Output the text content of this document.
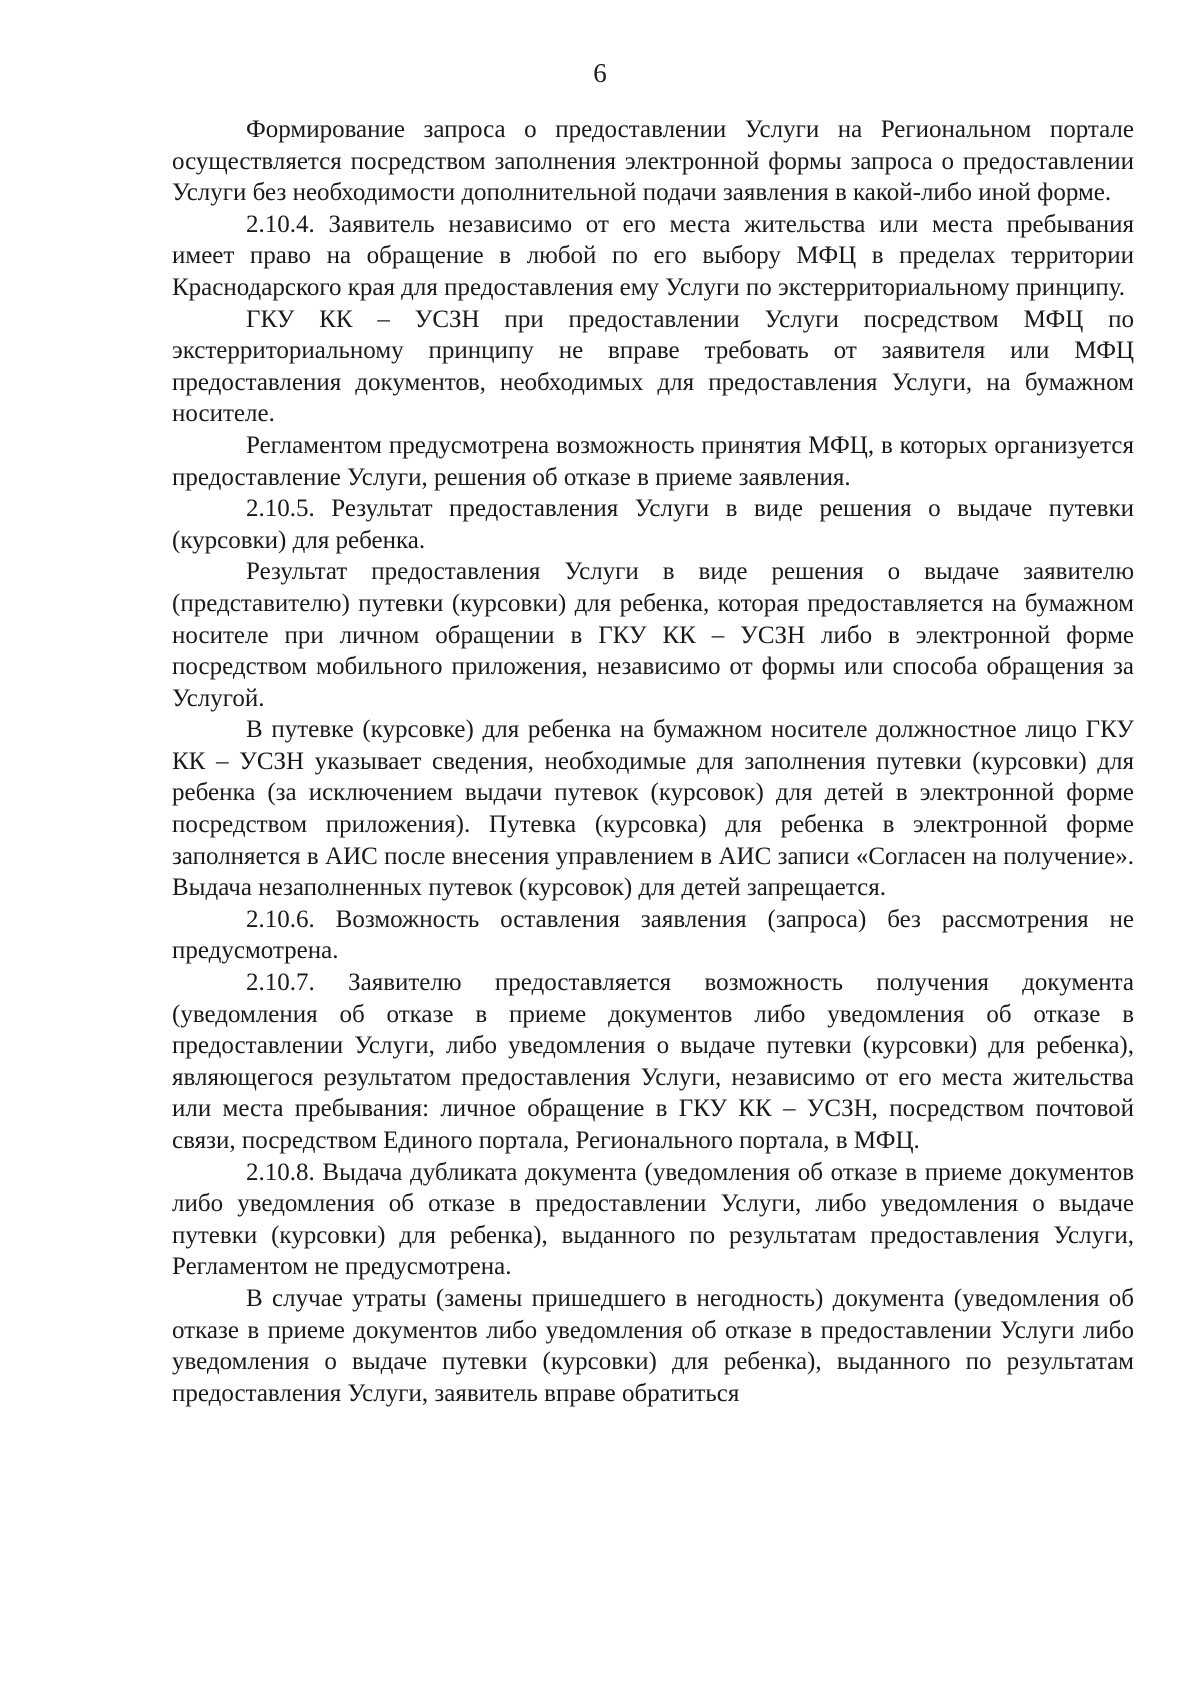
6

Формирование запроса о предоставлении Услуги на Региональном портале осуществляется посредством заполнения электронной формы запроса о предоставлении Услуги без необходимости дополнительной подачи заявления в какой-либо иной форме.

2.10.4. Заявитель независимо от его места жительства или места пребывания имеет право на обращение в любой по его выбору МФЦ в пределах территории Краснодарского края для предоставления ему Услуги по экстерриториальному принципу.

ГКУ КК – УСЗН при предоставлении Услуги посредством МФЦ по экстерриториальному принципу не вправе требовать от заявителя или МФЦ предоставления документов, необходимых для предоставления Услуги, на бумажном носителе.

Регламентом предусмотрена возможность принятия МФЦ, в которых организуется предоставление Услуги, решения об отказе в приеме заявления.

2.10.5. Результат предоставления Услуги в виде решения о выдаче путевки (курсовки) для ребенка.

Результат предоставления Услуги в виде решения о выдаче заявителю (представителю) путевки (курсовки) для ребенка, которая предоставляется на бумажном носителе при личном обращении в ГКУ КК – УСЗН либо в электронной форме посредством мобильного приложения, независимо от формы или способа обращения за Услугой.

В путевке (курсовке) для ребенка на бумажном носителе должностное лицо ГКУ КК – УСЗН указывает сведения, необходимые для заполнения путевки (курсовки) для ребенка (за исключением выдачи путевок (курсовок) для детей в электронной форме посредством приложения). Путевка (курсовка) для ребенка в электронной форме заполняется в АИС после внесения управлением в АИС записи «Согласен на получение». Выдача незаполненных путевок (курсовок) для детей запрещается.

2.10.6. Возможность оставления заявления (запроса) без рассмотрения не предусмотрена.

2.10.7. Заявителю предоставляется возможность получения документа (уведомления об отказе в приеме документов либо уведомления об отказе в предоставлении Услуги, либо уведомления о выдаче путевки (курсовки) для ребенка), являющегося результатом предоставления Услуги, независимо от его места жительства или места пребывания: личное обращение в ГКУ КК – УСЗН, посредством почтовой связи, посредством Единого портала, Регионального портала, в МФЦ.

2.10.8. Выдача дубликата документа (уведомления об отказе в приеме документов либо уведомления об отказе в предоставлении Услуги, либо уведомления о выдаче путевки (курсовки) для ребенка), выданного по результатам предоставления Услуги, Регламентом не предусмотрена.

В случае утраты (замены пришедшего в негодность) документа (уведомления об отказе в приеме документов либо уведомления об отказе в предоставлении Услуги либо уведомления о выдаче путевки (курсовки) для ребенка), выданного по результатам предоставления Услуги, заявитель вправе обратиться
